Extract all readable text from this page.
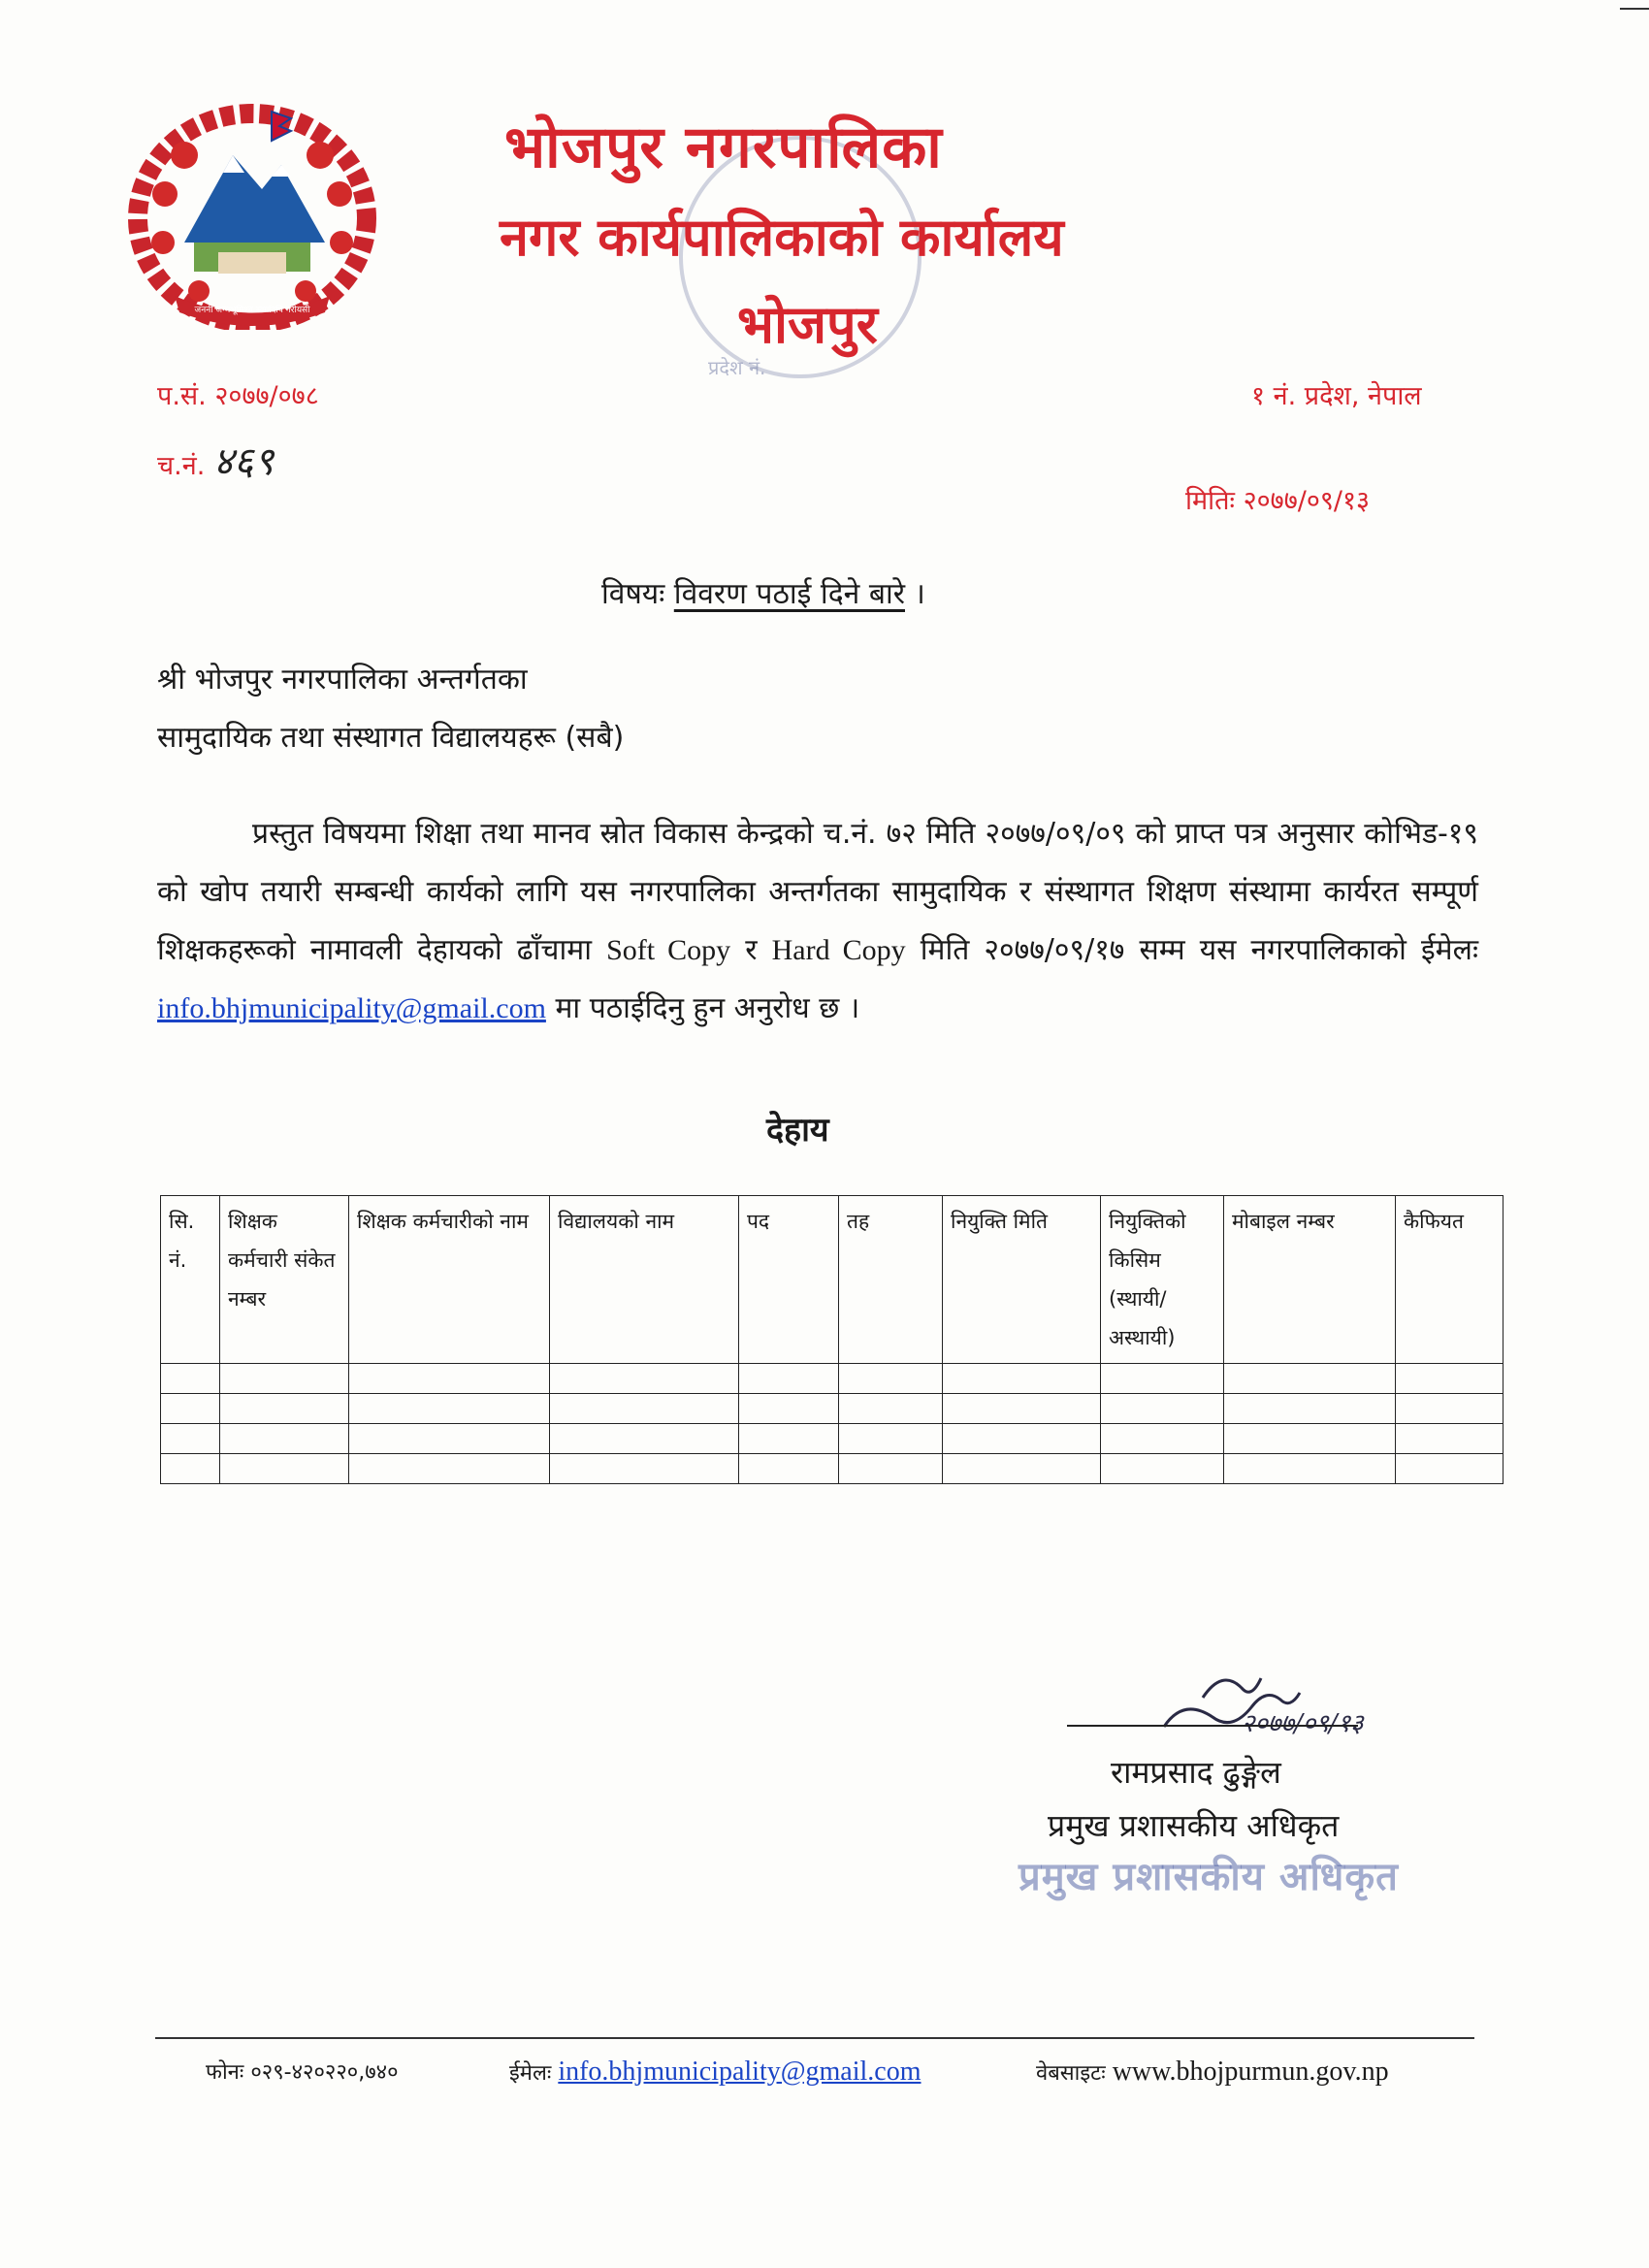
जननी जन्मभूमिश्च स्वर्गादपि गरीयसी
प्रदेश नं.
भोजपुर नगरपालिका
नगर कार्यपालिकाको कार्यालय
भोजपुर
प.सं. २०७७/०७८
च.नं. ४६९
१ नं. प्रदेश, नेपाल
मितिः २०७७/०९/१३
विषयः विवरण पठाई दिने बारे ।
श्री भोजपुर नगरपालिका अन्तर्गतका
सामुदायिक तथा संस्थागत विद्यालयहरू (सबै)
प्रस्तुत विषयमा शिक्षा तथा मानव स्रोत विकास केन्द्रको च.नं. ७२ मिति २०७७/०९/०९ को प्राप्त पत्र अनुसार कोभिड-१९ को खोप तयारी सम्बन्धी कार्यको लागि यस नगरपालिका अन्तर्गतका सामुदायिक र संस्थागत शिक्षण संस्थामा कार्यरत सम्पूर्ण शिक्षकहरूको नामावली देहायको ढाँचामा Soft Copy र Hard Copy मिति २०७७/०९/१७ सम्म यस नगरपालिकाको ईमेलः info.bhjmunicipality@gmail.com मा पठाईदिनु हुन अनुरोध छ ।
देहाय
सि. नं.	शिक्षक कर्मचारी संकेत नम्बर	शिक्षक कर्मचारीको नाम	विद्यालयको नाम	पद	तह	नियुक्ति मिति	नियुक्तिको किसिम (स्थायी/ अस्थायी)	मोबाइल नम्बर	कैफियत

२०७७/०९/१३
रामप्रसाद ढुङ्गेल
प्रमुख प्रशासकीय अधिकृत
प्रमुख प्रशासकीय अधिकृत
फोनः ०२९-४२०२२०,७४०	ईमेलः info.bhjmunicipality@gmail.com	वेबसाइटः www.bhojpurmun.gov.np
